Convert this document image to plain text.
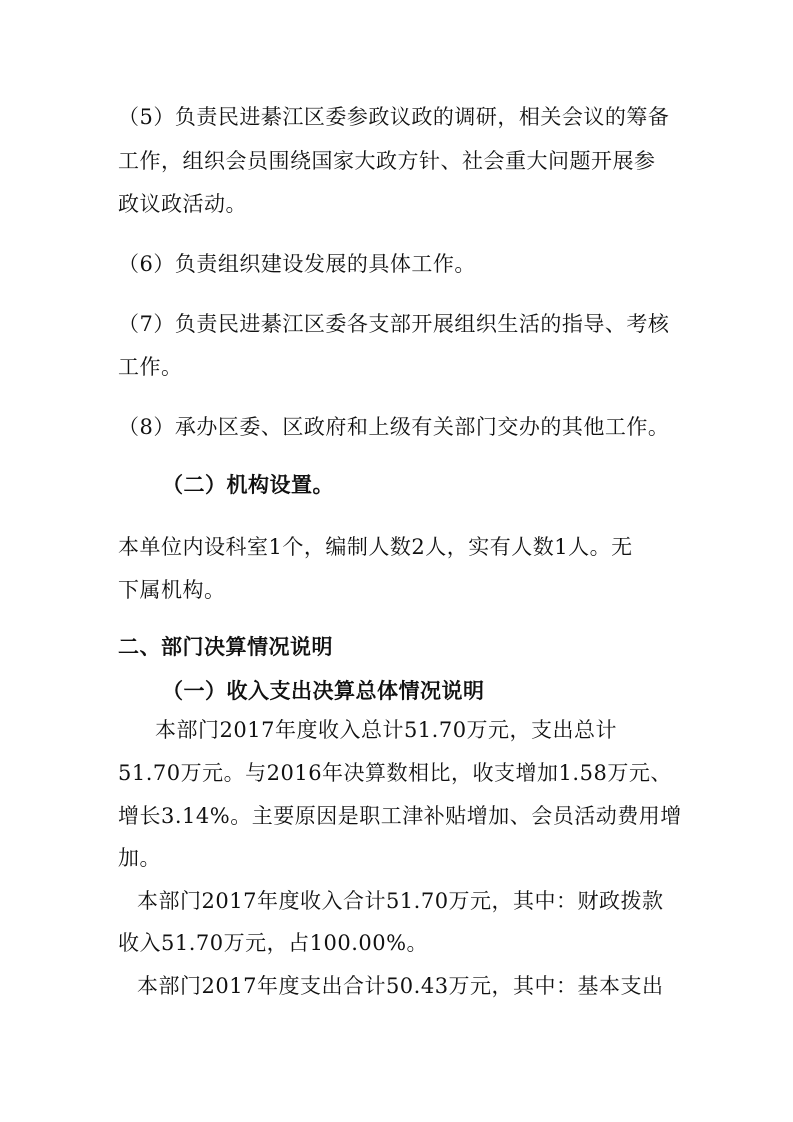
（5）负责民进綦江区委参政议政的调研，相关会议的筹备
工作，组织会员围绕国家大政方针、社会重大问题开展参
政议政活动。
（6）负责组织建设发展的具体工作。
（7）负责民进綦江区委各支部开展组织生活的指导、考核
工作。
（8）承办区委、区政府和上级有关部门交办的其他工作。
（二）机构设置。
本单位内设科室1个，编制人数2人，实有人数1人。无
下属机构。
二、部门决算情况说明
（一）收入支出决算总体情况说明
本部门2017年度收入总计51.70万元，支出总计
51.70万元。与2016年决算数相比，收支增加1.58万元、
增长3.14%。主要原因是职工津补贴增加、会员活动费用增
加。
本部门2017年度收入合计51.70万元，其中：财政拨款
收入51.70万元，占100.00%。
本部门2017年度支出合计50.43万元，其中：基本支出
